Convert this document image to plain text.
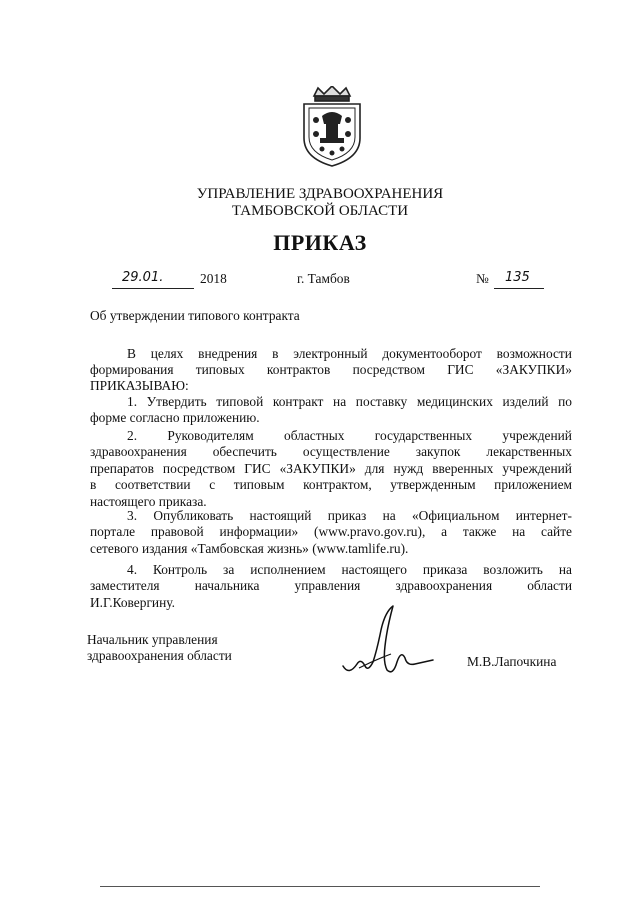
УПРАВЛЕНИЕ ЗДРАВООХРАНЕНИЯ
ТАМБОВСКОЙ ОБЛАСТИ
ПРИКАЗ
29.01.	2018	г. Тамбов	№ 135
Об утверждении типового контракта
В целях внедрения в электронный документооборот возможности
формирования типовых контрактов посредством ГИС «ЗАКУПКИ»
ПРИКАЗЫВАЮ:
1. Утвердить типовой контракт на поставку медицинских изделий по
форме согласно приложению.
2. Руководителям областных государственных учреждений
здравоохранения обеспечить осуществление закупок лекарственных
препаратов посредством ГИС «ЗАКУПКИ» для нужд вверенных учреждений
в соответствии с типовым контрактом, утвержденным приложением
настоящего приказа.
3. Опубликовать настоящий приказ на «Официальном интернет-
портале правовой информации» (www.pravo.gov.ru), а также на сайте
сетевого издания «Тамбовская жизнь» (www.tamlife.ru).
4. Контроль за исполнением настоящего приказа возложить на
заместителя	начальника	управления	здравоохранения	области
И.Г.Ковергину.
Начальник управления
здравоохранения области	М.В.Лапочкина
